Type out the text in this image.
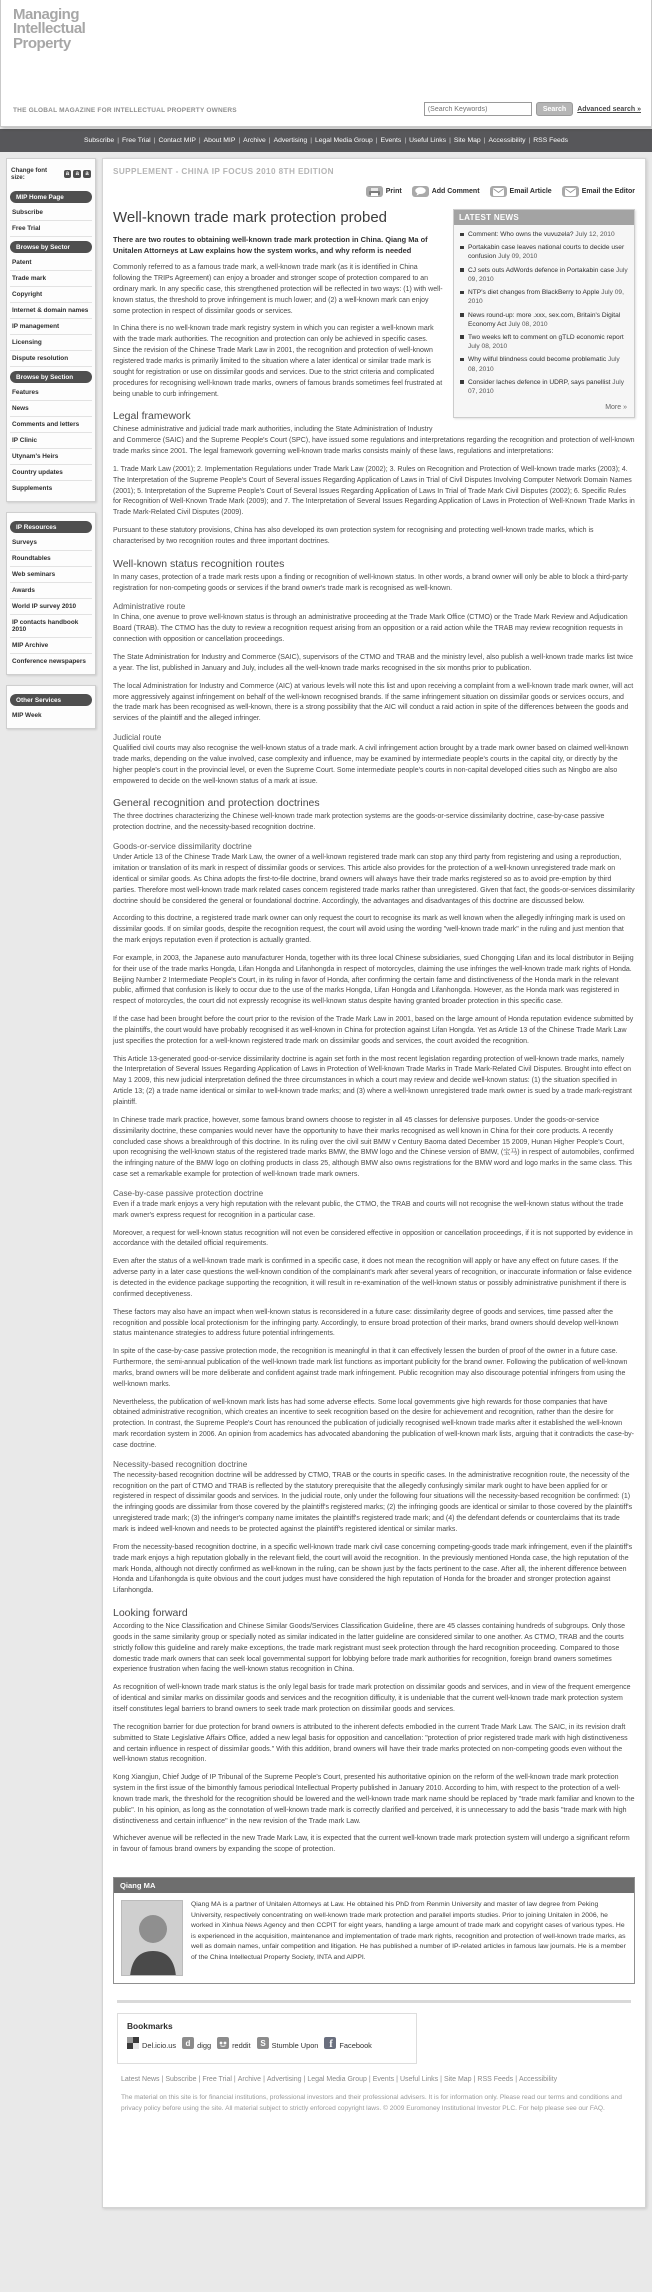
Managing
Intellectual
Property
THE GLOBAL MAGAZINE FOR INTELLECTUAL PROPERTY OWNERS
(Search Keywords)	Search	Advanced search »
Subscribe | Free Trial | Contact MIP | About MIP | Archive | Advertising | Legal Media Group | Events | Useful Links | Site Map | Accessibility | RSS Feeds
Change font size:	a	a	a
MIP Home Page
Subscribe
Free Trial
Browse by Sector
Patent
Trade mark
Copyright
Internet & domain names
IP management
Licensing
Dispute resolution
Browse by Section
Features
News
Comments and letters
IP Clinic
Utynam's Heirs
Country updates
Supplements
IP Resources
Surveys
Roundtables
Web seminars
Awards
World IP survey 2010
IP contacts handbook 2010
MIP Archive
Conference newspapers
Other Services
MIP Week
SUPPLEMENT - CHINA IP FOCUS 2010 8TH EDITION
Print	Add Comment	Email Article	Email the Editor
LATEST NEWS
Comment: Who owns the vuvuzela? July 12, 2010
Portakabin case leaves national courts to decide user confusion July 09, 2010
CJ sets outs AdWords defence in Portakabin case July 09, 2010
NTP's diet changes from BlackBerry to Apple July 09, 2010
News round-up: more .xxx, sex.com, Britain's Digital Economy Act July 08, 2010
Two weeks left to comment on gTLD economic report July 08, 2010
Why wilful blindness could become problematic July 08, 2010
Consider laches defence in UDRP, says panellist July 07, 2010
More »
Well-known trade mark protection probed
There are two routes to obtaining well-known trade mark protection in China. Qiang Ma of Unitalen Attorneys at Law explains how the system works, and why reform is needed

Commonly referred to as a famous trade mark, a well-known trade mark (as it is identified in China following the TRIPs Agreement) can enjoy a broader and stronger scope of protection compared to an ordinary mark. In any specific case, this strengthened protection will be reflected in two ways: (1) with well-known status, the threshold to prove infringement is much lower; and (2) a well-known mark can enjoy some protection in respect of dissimilar goods or services.

In China there is no well-known trade mark registry system in which you can register a well-known mark with the trade mark authorities. The recognition and protection can only be achieved in specific cases. Since the revision of the Chinese Trade Mark Law in 2001, the recognition and protection of well-known registered trade marks is primarily limited to the situation where a later identical or similar trade mark is sought for registration or use on dissimilar goods and services. Due to the strict criteria and complicated procedures for recognising well-known trade marks, owners of famous brands sometimes feel frustrated at being unable to curb infringement.

Legal framework

Chinese administrative and judicial trade mark authorities, including the State Administration of Industry and Commerce (SAIC) and the Supreme People's Court (SPC), have issued some regulations and interpretations regarding the recognition and protection of well-known trade marks since 2001. The legal framework governing well-known trade marks consists mainly of these laws, regulations and interpretations:

1. Trade Mark Law (2001); 2. Implementation Regulations under Trade Mark Law (2002); 3. Rules on Recognition and Protection of Well-known trade marks (2003); 4. The Interpretation of the Supreme People's Court of Several issues Regarding Application of Laws in Trial of Civil Disputes Involving Computer Network Domain Names (2001); 5. Interpretation of the Supreme People's Court of Several Issues Regarding Application of Laws In Trial of Trade Mark Civil Disputes (2002); 6. Specific Rules for Recognition of Well-Known Trade Mark (2009); and 7. The Interpretation of Several Issues Regarding Application of Laws in Protection of Well-Known Trade Marks in Trade Mark-Related Civil Disputes (2009).

Pursuant to these statutory provisions, China has also developed its own protection system for recognising and protecting well-known trade marks, which is characterised by two recognition routes and three important doctrines.

Well-known status recognition routes

In many cases, protection of a trade mark rests upon a finding or recognition of well-known status. In other words, a brand owner will only be able to block a third-party registration for non-competing goods or services if the brand owner's trade mark is recognised as well-known.

Administrative route

In China, one avenue to prove well-known status is through an administrative proceeding at the Trade Mark Office (CTMO) or the Trade Mark Review and Adjudication Board (TRAB). The CTMO has the duty to review a recognition request arising from an opposition or a raid action while the TRAB may review recognition requests in connection with opposition or cancellation proceedings.

The State Administration for Industry and Commerce (SAIC), supervisors of the CTMO and TRAB and the ministry level, also publish a well-known trade marks list twice a year. The list, published in January and July, includes all the well-known trade marks recognised in the six months prior to publication.

The local Administration for Industry and Commerce (AIC) at various levels will note this list and upon receiving a complaint from a well-known trade mark owner, will act more aggressively against infringement on behalf of the well-known recognised brands. If the same infringement situation on dissimilar goods or services occurs, and the trade mark has been recognised as well-known, there is a strong possibility that the AIC will conduct a raid action in spite of the differences between the goods and services of the plaintiff and the alleged infringer.

Judicial route

Qualified civil courts may also recognise the well-known status of a trade mark. A civil infringement action brought by a trade mark owner based on claimed well-known trade marks, depending on the value involved, case complexity and influence, may be examined by intermediate people's courts in the capital city, or directly by the higher people's court in the provincial level, or even the Supreme Court. Some intermediate people's courts in non-capital developed cities such as Ningbo are also empowered to decide on the well-known status of a mark at issue.

General recognition and protection doctrines

The three doctrines characterizing the Chinese well-known trade mark protection systems are the goods-or-service dissimilarity doctrine, case-by-case passive protection doctrine, and the necessity-based recognition doctrine.

Goods-or-service dissimilarity doctrine

Under Article 13 of the Chinese Trade Mark Law, the owner of a well-known registered trade mark can stop any third party from registering and using a reproduction, imitation or translation of its mark in respect of dissimilar goods or services. This article also provides for the protection of a well-known unregistered trade mark on identical or similar goods. As China adopts the first-to-file doctrine, brand owners will always have their trade marks registered so as to avoid pre-emption by third parties. Therefore most well-known trade mark related cases concern registered trade marks rather than unregistered. Given that fact, the goods-or-services dissimilarity doctrine should be considered the general or foundational doctrine. Accordingly, the advantages and disadvantages of this doctrine are discussed below.

According to this doctrine, a registered trade mark owner can only request the court to recognise its mark as well known when the allegedly infringing mark is used on dissimilar goods. If on similar goods, despite the recognition request, the court will avoid using the wording "well-known trade mark" in the ruling and just mention that the mark enjoys reputation even if protection is actually granted.

For example, in 2003, the Japanese auto manufacturer Honda, together with its three local Chinese subsidiaries, sued Chongqing Lifan and its local distributor in Beijing for their use of the trade marks Hongda, Lifan Hongda and Lifanhongda in respect of motorcycles, claiming the use infringes the well-known trade mark rights of Honda. Beijing Number 2 Intermediate People's Court, in its ruling in favor of Honda, after confirming the certain fame and distinctiveness of the Honda mark in the relevant public, affirmed that confusion is likely to occur due to the use of the marks Hongda, Lifan Hongda and Lifanhongda. However, as the Honda mark was registered in respect of motorcycles, the court did not expressly recognise its well-known status despite having granted broader protection in this specific case.

If the case had been brought before the court prior to the revision of the Trade Mark Law in 2001, based on the large amount of Honda reputation evidence submitted by the plaintiffs, the court would have probably recognised it as well-known in China for protection against Lifan Hongda. Yet as Article 13 of the Chinese Trade Mark Law just specifies the protection for a well-known registered trade mark on dissimilar goods and services, the court avoided the recognition.

This Article 13-generated good-or-service dissimilarity doctrine is again set forth in the most recent legislation regarding protection of well-known trade marks, namely the Interpretation of Several Issues Regarding Application of Laws in Protection of Well-known Trade Marks in Trade Mark-Related Civil Disputes. Brought into effect on May 1 2009, this new judicial interpretation defined the three circumstances in which a court may review and decide well-known status: (1) the situation specified in Article 13; (2) a trade name identical or similar to well-known trade marks; and (3) where a well-known unregistered trade mark owner is sued by a trade mark-registrant plaintiff.

In Chinese trade mark practice, however, some famous brand owners choose to register in all 45 classes for defensive purposes. Under the goods-or-service dissimilarity doctrine, these companies would never have the opportunity to have their marks recognised as well known in China for their core products. A recently concluded case shows a breakthrough of this doctrine. In its ruling over the civil suit BMW v Century Baoma dated December 15 2009, Hunan Higher People's Court, upon recognising the well-known status of the registered trade marks BMW, the BMW logo and the Chinese version of BMW, (宝马) in respect of automobiles, confirmed the infringing nature of the BMW logo on clothing products in class 25, although BMW also owns registrations for the BMW word and logo marks in the same class. This case set a remarkable example for protection of well-known trade mark owners.

Case-by-case passive protection doctrine

Even if a trade mark enjoys a very high reputation with the relevant public, the CTMO, the TRAB and courts will not recognise the well-known status without the trade mark owner's express request for recognition in a particular case.

Moreover, a request for well-known status recognition will not even be considered effective in opposition or cancellation proceedings, if it is not supported by evidence in accordance with the detailed official requirements.

Even after the status of a well-known trade mark is confirmed in a specific case, it does not mean the recognition will apply or have any effect on future cases. If the adverse party in a later case questions the well-known condition of the complainant's mark after several years of recognition, or inaccurate information or false evidence is detected in the evidence package supporting the recognition, it will result in re-examination of the well-known status or possibly administrative punishment if there is confirmed deceptiveness.

These factors may also have an impact when well-known status is reconsidered in a future case: dissimilarity degree of goods and services, time passed after the recognition and possible local protectionism for the infringing party. Accordingly, to ensure broad protection of their marks, brand owners should develop well-known status maintenance strategies to address future potential infringements.

In spite of the case-by-case passive protection mode, the recognition is meaningful in that it can effectively lessen the burden of proof of the owner in a future case. Furthermore, the semi-annual publication of the well-known trade mark list functions as important publicity for the brand owner. Following the publication of well-known marks, brand owners will be more deliberate and confident against trade mark infringement. Public recognition may also discourage potential infringers from using the well-known marks.

Nevertheless, the publication of well-known mark lists has had some adverse effects. Some local governments give high rewards for those companies that have obtained administrative recognition, which creates an incentive to seek recognition based on the desire for achievement and recognition, rather than the desire for protection. In contrast, the Supreme People's Court has renounced the publication of judicially recognised well-known trade marks after it established the well-known mark recordation system in 2006. An opinion from academics has advocated abandoning the publication of well-known mark lists, arguing that it contradicts the case-by-case doctrine.

Necessity-based recognition doctrine

The necessity-based recognition doctrine will be addressed by CTMO, TRAB or the courts in specific cases. In the administrative recognition route, the necessity of the recognition on the part of CTMO and TRAB is reflected by the statutory prerequisite that the allegedly confusingly similar mark ought to have been applied for or registered in respect of dissimilar goods and services. In the judicial route, only under the following four situations will the necessity-based recognition be confirmed: (1) the infringing goods are dissimilar from those covered by the plaintiff's registered marks; (2) the infringing goods are identical or similar to those covered by the plaintiff's unregistered trade mark; (3) the infringer's company name imitates the plaintiff's registered trade mark; and (4) the defendant defends or counterclaims that its trade mark is indeed well-known and needs to be protected against the plaintiff's registered identical or similar marks.

From the necessity-based recognition doctrine, in a specific well-known trade mark civil case concerning competing-goods trade mark infringement, even if the plaintiff's trade mark enjoys a high reputation globally in the relevant field, the court will avoid the recognition. In the previously mentioned Honda case, the high reputation of the mark Honda, although not directly confirmed as well-known in the ruling, can be shown just by the facts pertinent to the case. After all, the inherent difference between Honda and Lifanhongda is quite obvious and the court judges must have considered the high reputation of Honda for the broader and stronger protection against Lifanhongda.

Looking forward

According to the Nice Classification and Chinese Similar Goods/Services Classification Guideline, there are 45 classes containing hundreds of subgroups. Only those goods in the same similarity group or specially noted as similar indicated in the latter guideline are considered similar to one another. As CTMO, TRAB and the courts strictly follow this guideline and rarely make exceptions, the trade mark registrant must seek protection through the hard recognition proceeding. Compared to those domestic trade mark owners that can seek local governmental support for lobbying before trade mark authorities for recognition, foreign brand owners sometimes experience frustration when facing the well-known status recognition in China.

As recognition of well-known trade mark status is the only legal basis for trade mark protection on dissimilar goods and services, and in view of the frequent emergence of identical and similar marks on dissimilar goods and services and the recognition difficulty, it is undeniable that the current well-known trade mark protection system itself constitutes legal barriers to brand owners to seek trade mark protection on dissimilar goods and services.

The recognition barrier for due protection for brand owners is attributed to the inherent defects embodied in the current Trade Mark Law. The SAIC, in its revision draft submitted to State Legislative Affairs Office, added a new legal basis for opposition and cancellation: "protection of prior registered trade mark with high distinctiveness and certain influence in respect of dissimilar goods." With this addition, brand owners will have their trade marks protected on non-competing goods even without the well-known status recognition.

Kong Xiangjun, Chief Judge of IP Tribunal of the Supreme People's Court, presented his authoritative opinion on the reform of the well-known trade mark protection system in the first issue of the bimonthly famous periodical Intellectual Property published in January 2010. According to him, with respect to the protection of a well-known trade mark, the threshold for the recognition should be lowered and the well-known trade mark name should be replaced by "trade mark familiar and known to the public". In his opinion, as long as the connotation of well-known trade mark is correctly clarified and perceived, it is unnecessary to add the basis "trade mark with high distinctiveness and certain influence" in the new revision of the Trade mark Law.

Whichever avenue will be reflected in the new Trade Mark Law, it is expected that the current well-known trade mark protection system will undergo a significant reform in favour of famous brand owners by expanding the scope of protection.

Qiang MA
Qiang MA is a partner of Unitalen Attorneys at Law. He obtained his PhD from Renmin University and master of law degree from Peking University, respectively concentrating on well-known trade mark protection and parallel imports studies. Prior to joining Unitalen in 2006, he worked in Xinhua News Agency and then CCPIT for eight years, handling a large amount of trade mark and copyright cases of various types. He is experienced in the acquisition, maintenance and implementation of trade mark rights, recognition and protection of well-known trade marks, as well as domain names, unfair competition and litigation. He has published a number of IP-related articles in famous law journals. He is a member of the China Intellectual Property Society, INTA and AIPPI.
Bookmarks
Del.icio.us d digg	reddit S Stumble Upon f Facebook
Latest News | Subscribe | Free Trial | Archive | Advertising | Legal Media Group | Events | Useful Links | Site Map | RSS Feeds | Accessibility
The material on this site is for financial institutions, professional investors and their professional advisers. It is for information only. Please read our terms and conditions and privacy policy before using the site. All material subject to strictly enforced copyright laws. © 2009 Euromoney Institutional Investor PLC. For help please see our FAQ.
